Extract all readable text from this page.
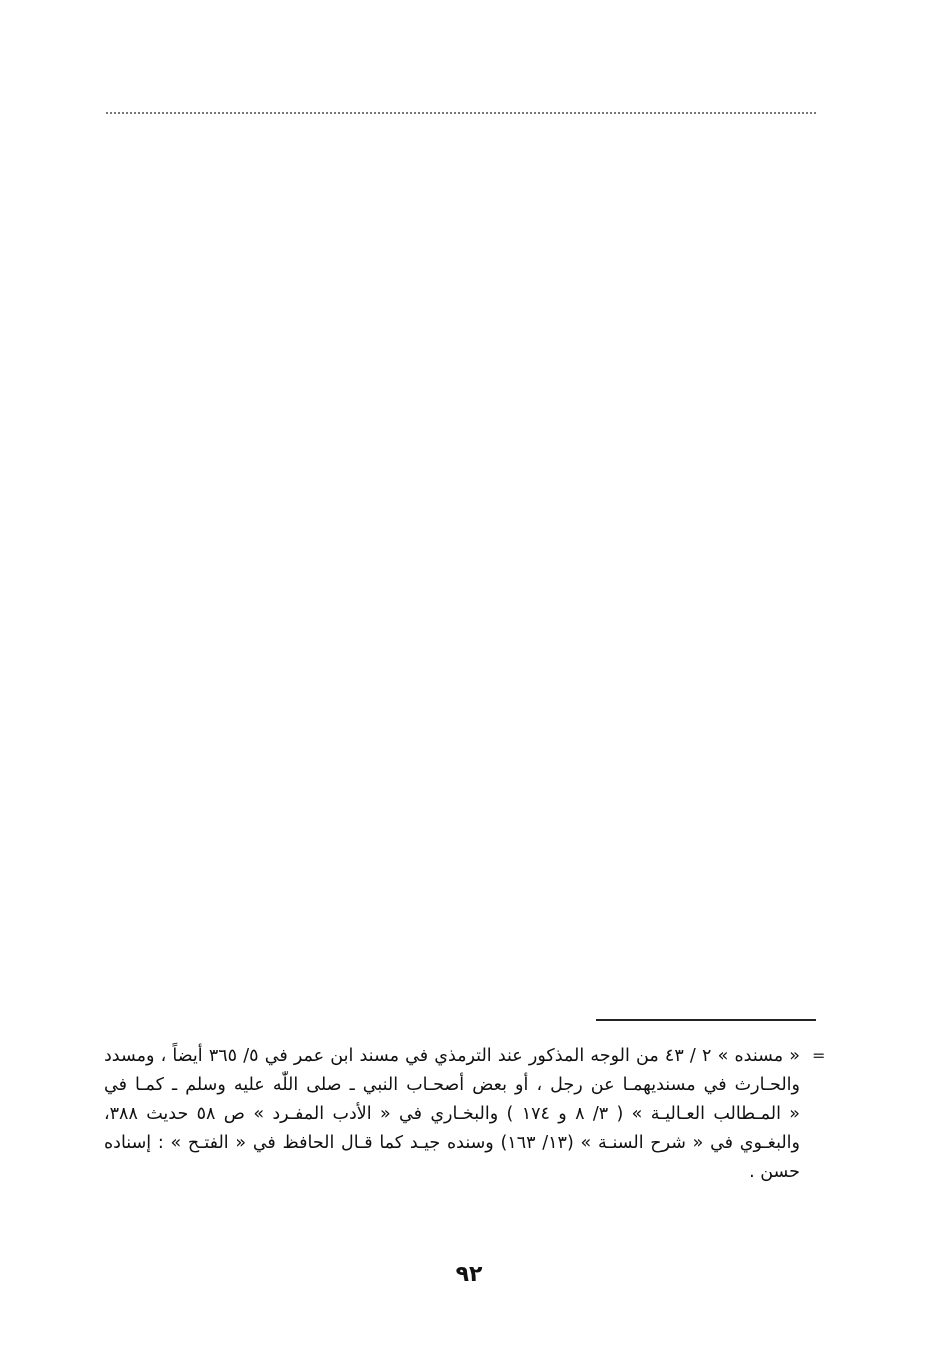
=
« مسنده » ٢ / ٤٣ من الوجه المذكور عند الترمذي في مسند ابن عمر في ٥/ ٣٦٥ أيضاً ، ومسدد
والحـارث في مسنديهمـا عن رجل ، أو بعض أصحـاب النبي ـ صلى اللّٰه عليه وسلم ـ كمـا في
« المـطالب العـاليـة » ( ٣/ ٨ و ١٧٤ ) والبخـاري في « الأدب المفـرد » ص ٥٨ حديث ٣٨٨،
والبغـوي في « شرح السنـة » (١٣/ ١٦٣) وسنده جيـد كما قـال الحافظ في « الفتـح » : إسناده
حسن .
٩٢
